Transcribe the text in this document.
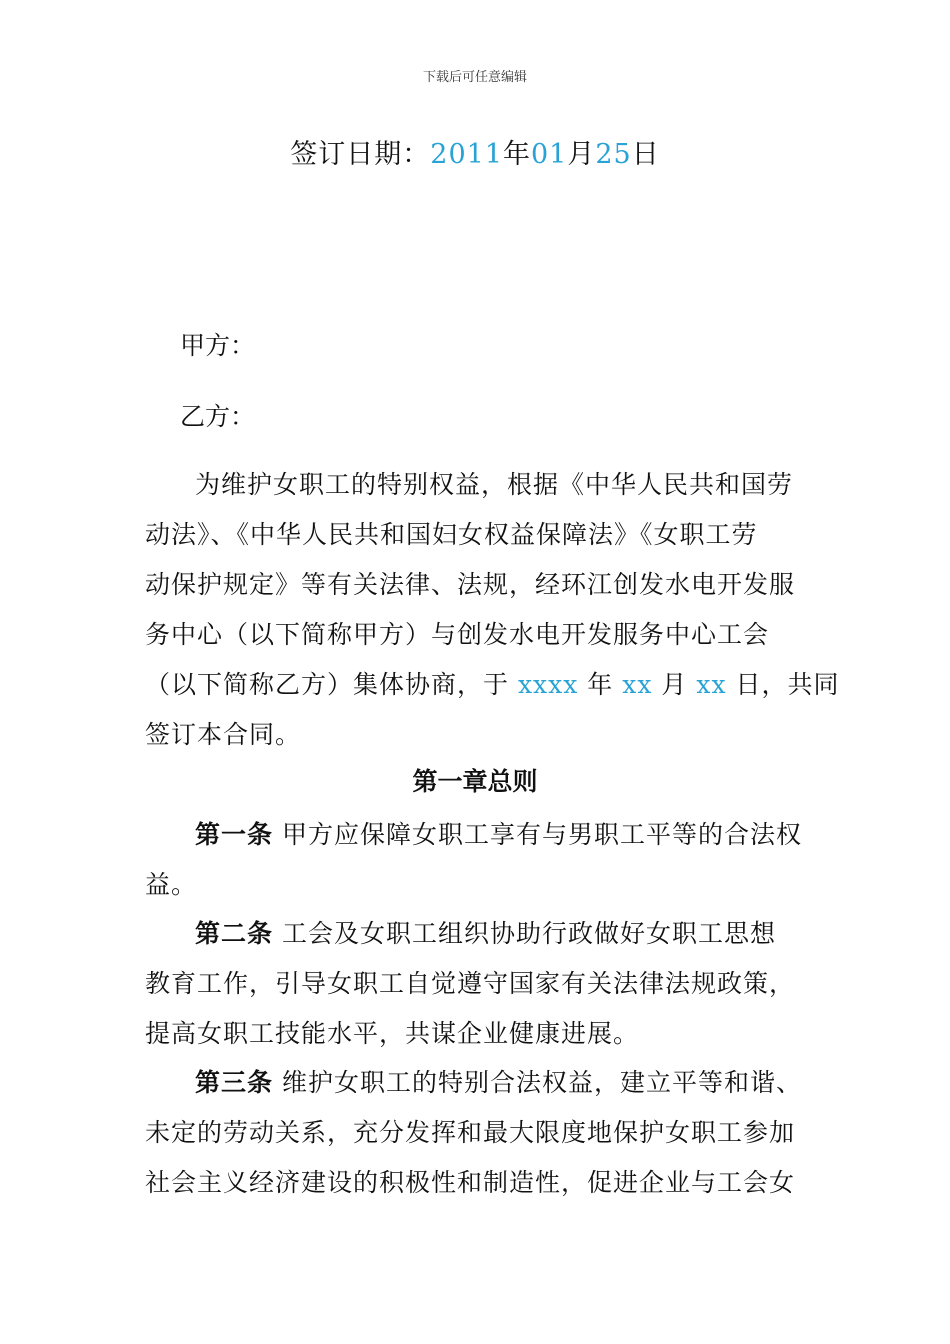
下载后可任意编辑
签订日期：2011年01月25日
甲方：
乙方：
为维护女职工的特别权益，根据《中华人民共和国劳
动法》、《中华人民共和国妇女权益保障法》《女职工劳
动保护规定》等有关法律、法规，经环江创发水电开发服
务中心（以下简称甲方）与创发水电开发服务中心工会
（以下简称乙方）集体协商，于 xxxx 年 xx 月 xx 日，共同
签订本合同。
第一章总则
第一条 甲方应保障女职工享有与男职工平等的合法权
益。
第二条 工会及女职工组织协助行政做好女职工思想
教育工作，引导女职工自觉遵守国家有关法律法规政策，
提高女职工技能水平，共谋企业健康进展。
第三条 维护女职工的特别合法权益，建立平等和谐、
未定的劳动关系，充分发挥和最大限度地保护女职工参加
社会主义经济建设的积极性和制造性，促进企业与工会女
